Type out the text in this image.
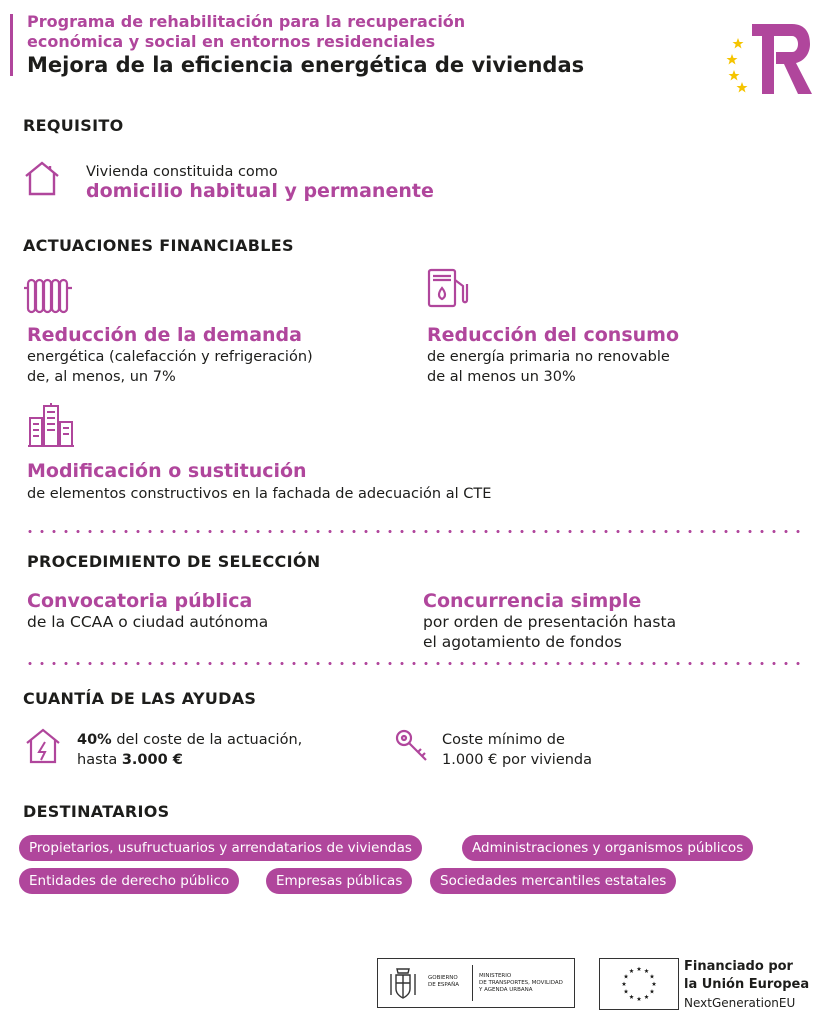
Programa de rehabilitación para la recuperación
económica y social en entornos residenciales
Mejora de la eficiencia energética de viviendas
REQUISITO
Vivienda constituida como
domicilio habitual y permanente
ACTUACIONES FINANCIABLES
Reducción de la demanda
energética (calefacción y refrigeración)
de, al menos, un 7%
Reducción del consumo
de energía primaria no renovable
de al menos un 30%
Modificación o sustitución
de elementos constructivos en la fachada de adecuación al CTE
PROCEDIMIENTO DE SELECCIÓN
Convocatoria pública
de la CCAA o ciudad autónoma
Concurrencia simple
por orden de presentación hasta
el agotamiento de fondos
CUANTÍA DE LAS AYUDAS
40% del coste de la actuación,
hasta 3.000 €
Coste mínimo de
1.000 € por vivienda
DESTINATARIOS
Propietarios, usufructuarios y arrendatarios de viviendas	Administraciones y organismos públicos
Entidades de derecho público	Empresas públicas	Sociedades mercantiles estatales
GOBIERNO
DE ESPAÑA
MINISTERIO
DE TRANSPORTES, MOVILIDAD
Y AGENDA URBANA
Financiado por
la Unión Europea
NextGenerationEU
